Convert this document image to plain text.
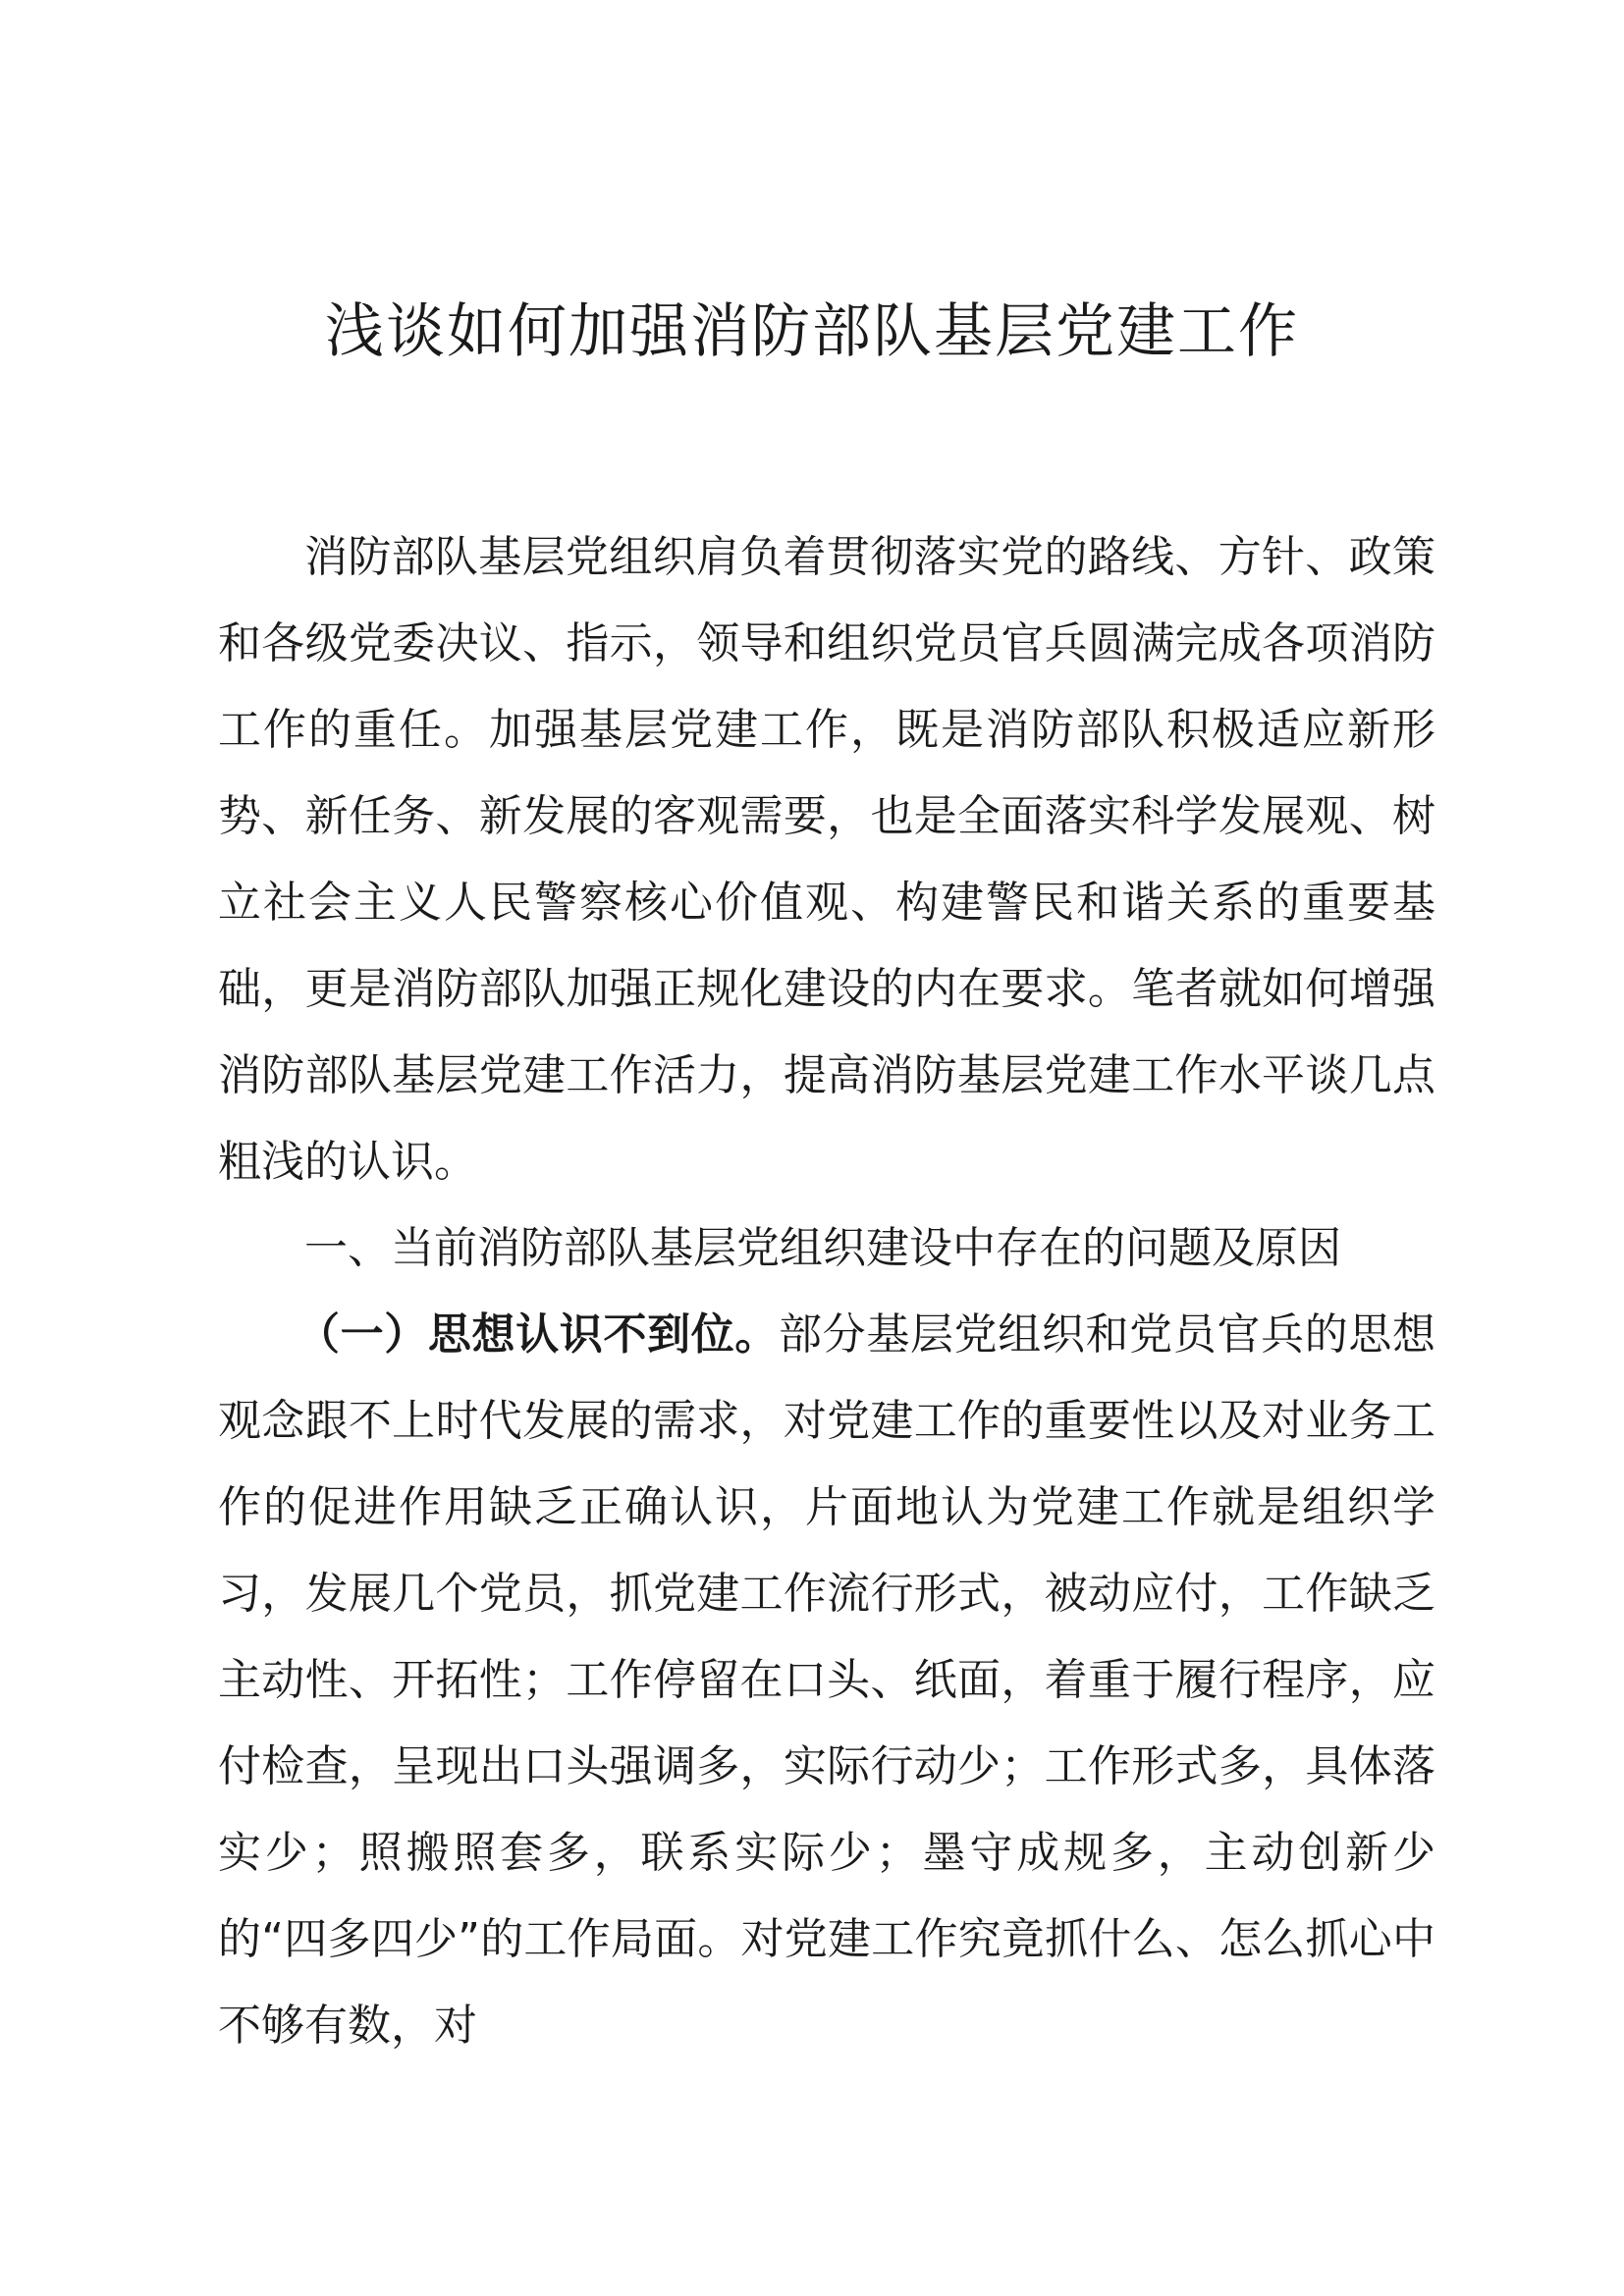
浅谈如何加强消防部队基层党建工作

消防部队基层党组织肩负着贯彻落实党的路线、方针、政策和各级党委决议、指示，领导和组织党员官兵圆满完成各项消防工作的重任。加强基层党建工作，既是消防部队积极适应新形势、新任务、新发展的客观需要，也是全面落实科学发展观、树立社会主义人民警察核心价值观、构建警民和谐关系的重要基础，更是消防部队加强正规化建设的内在要求。笔者就如何增强消防部队基层党建工作活力，提高消防基层党建工作水平谈几点粗浅的认识。

一、当前消防部队基层党组织建设中存在的问题及原因

（一）思想认识不到位。部分基层党组织和党员官兵的思想观念跟不上时代发展的需求，对党建工作的重要性以及对业务工作的促进作用缺乏正确认识，片面地认为党建工作就是组织学习，发展几个党员，抓党建工作流行形式，被动应付，工作缺乏主动性、开拓性；工作停留在口头、纸面，着重于履行程序，应付检查，呈现出口头强调多，实际行动少；工作形式多，具体落实少；照搬照套多，联系实际少；墨守成规多，主动创新少的“四多四少”的工作局面。对党建工作究竟抓什么、怎么抓心中不够有数，对
